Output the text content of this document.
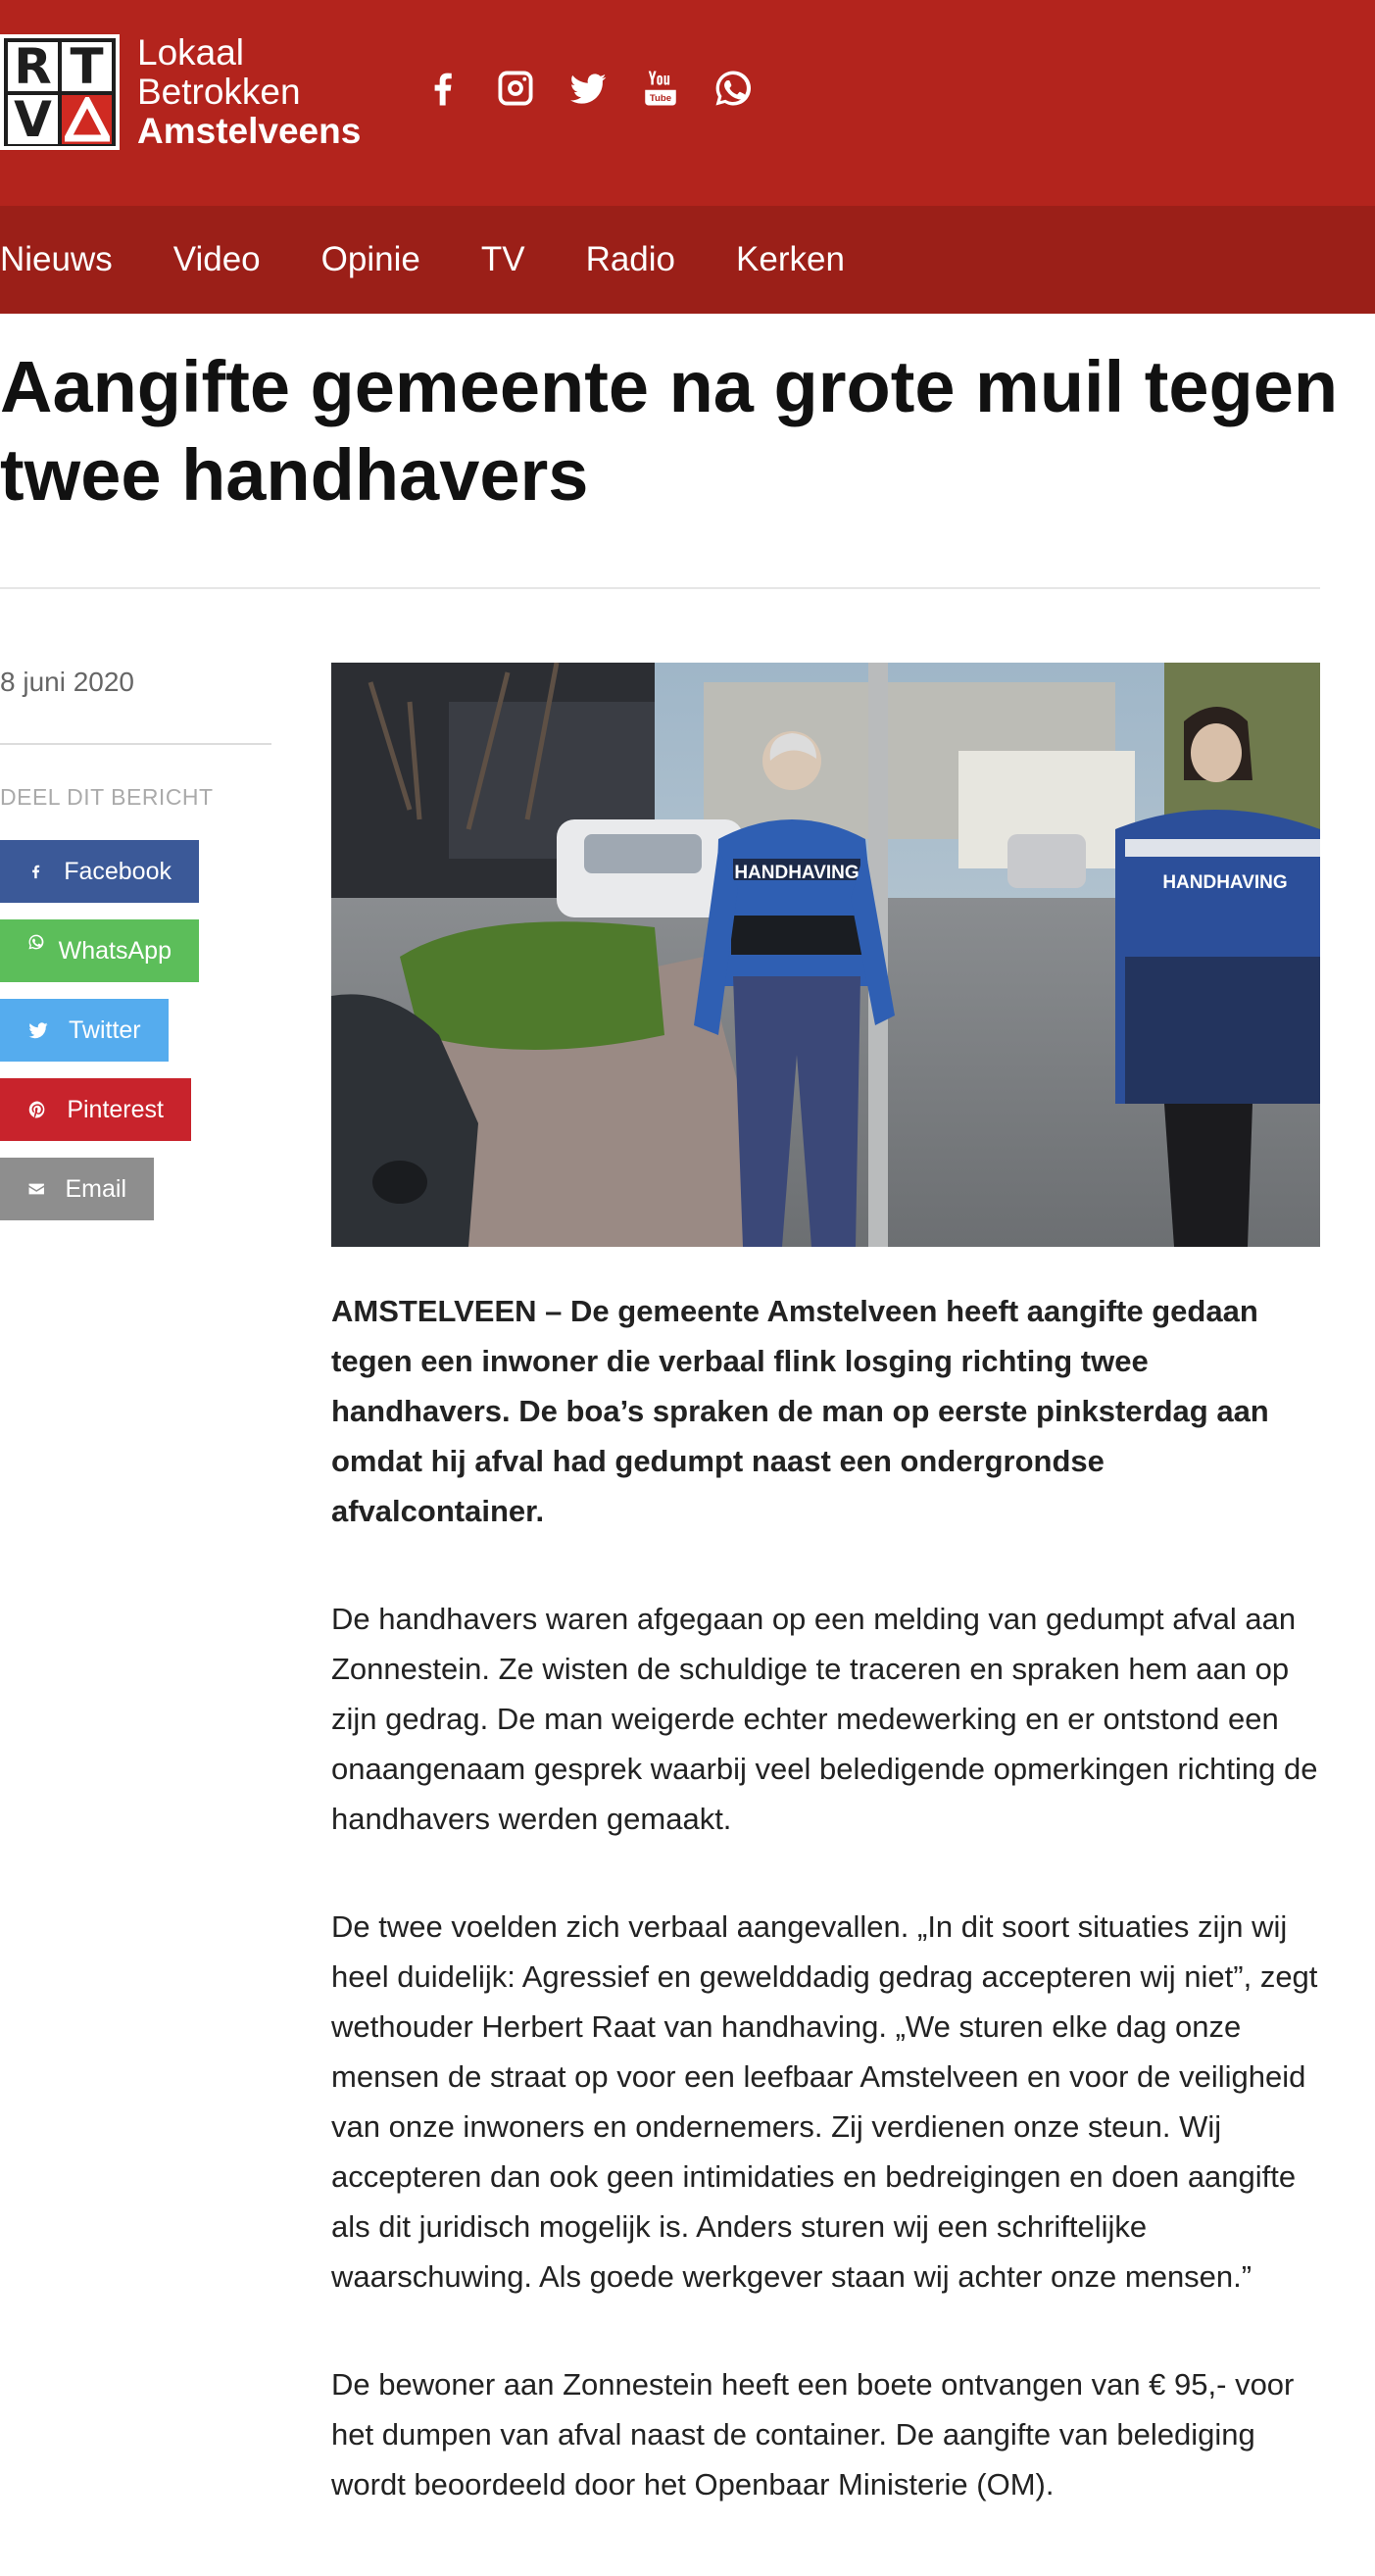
R T
V
Lokaal
Betrokken
Amstelveens
Tube
Nieuws Video Opinie TV Radio Kerken
Aangifte gemeente na grote muil tegen twee handhavers
8 juni 2020
DEEL DIT BERICHT
Facebook
WhatsApp
Twitter
Pinterest
Email
HANDHAVING	HANDHAVING

AMSTELVEEN – De gemeente Amstelveen heeft aangifte gedaan tegen een inwoner die verbaal flink losging richting twee handhavers. De boa’s spraken de man op eerste pinksterdag aan omdat hij afval had gedumpt naast een ondergrondse afvalcontainer.

De handhavers waren afgegaan op een melding van gedumpt afval aan Zonnestein. Ze wisten de schuldige te traceren en spraken hem aan op zijn gedrag. De man weigerde echter medewerking en er ontstond een onaangenaam gesprek waarbij veel beledigende opmerkingen richting de handhavers werden gemaakt.

De twee voelden zich verbaal aangevallen. „In dit soort situaties zijn wij heel duidelijk: Agressief en gewelddadig gedrag accepteren wij niet”, zegt wethouder Herbert Raat van handhaving. „We sturen elke dag onze mensen de straat op voor een leefbaar Amstelveen en voor de veiligheid van onze inwoners en ondernemers. Zij verdienen onze steun. Wij accepteren dan ook geen intimidaties en bedreigingen en doen aangifte als dit juridisch mogelijk is. Anders sturen wij een schriftelijke waarschuwing. Als goede werkgever staan wij achter onze mensen.”

De bewoner aan Zonnestein heeft een boete ontvangen van € 95,- voor het dumpen van afval naast de container. De aangifte van belediging wordt beoordeeld door het Openbaar Ministerie (OM).
